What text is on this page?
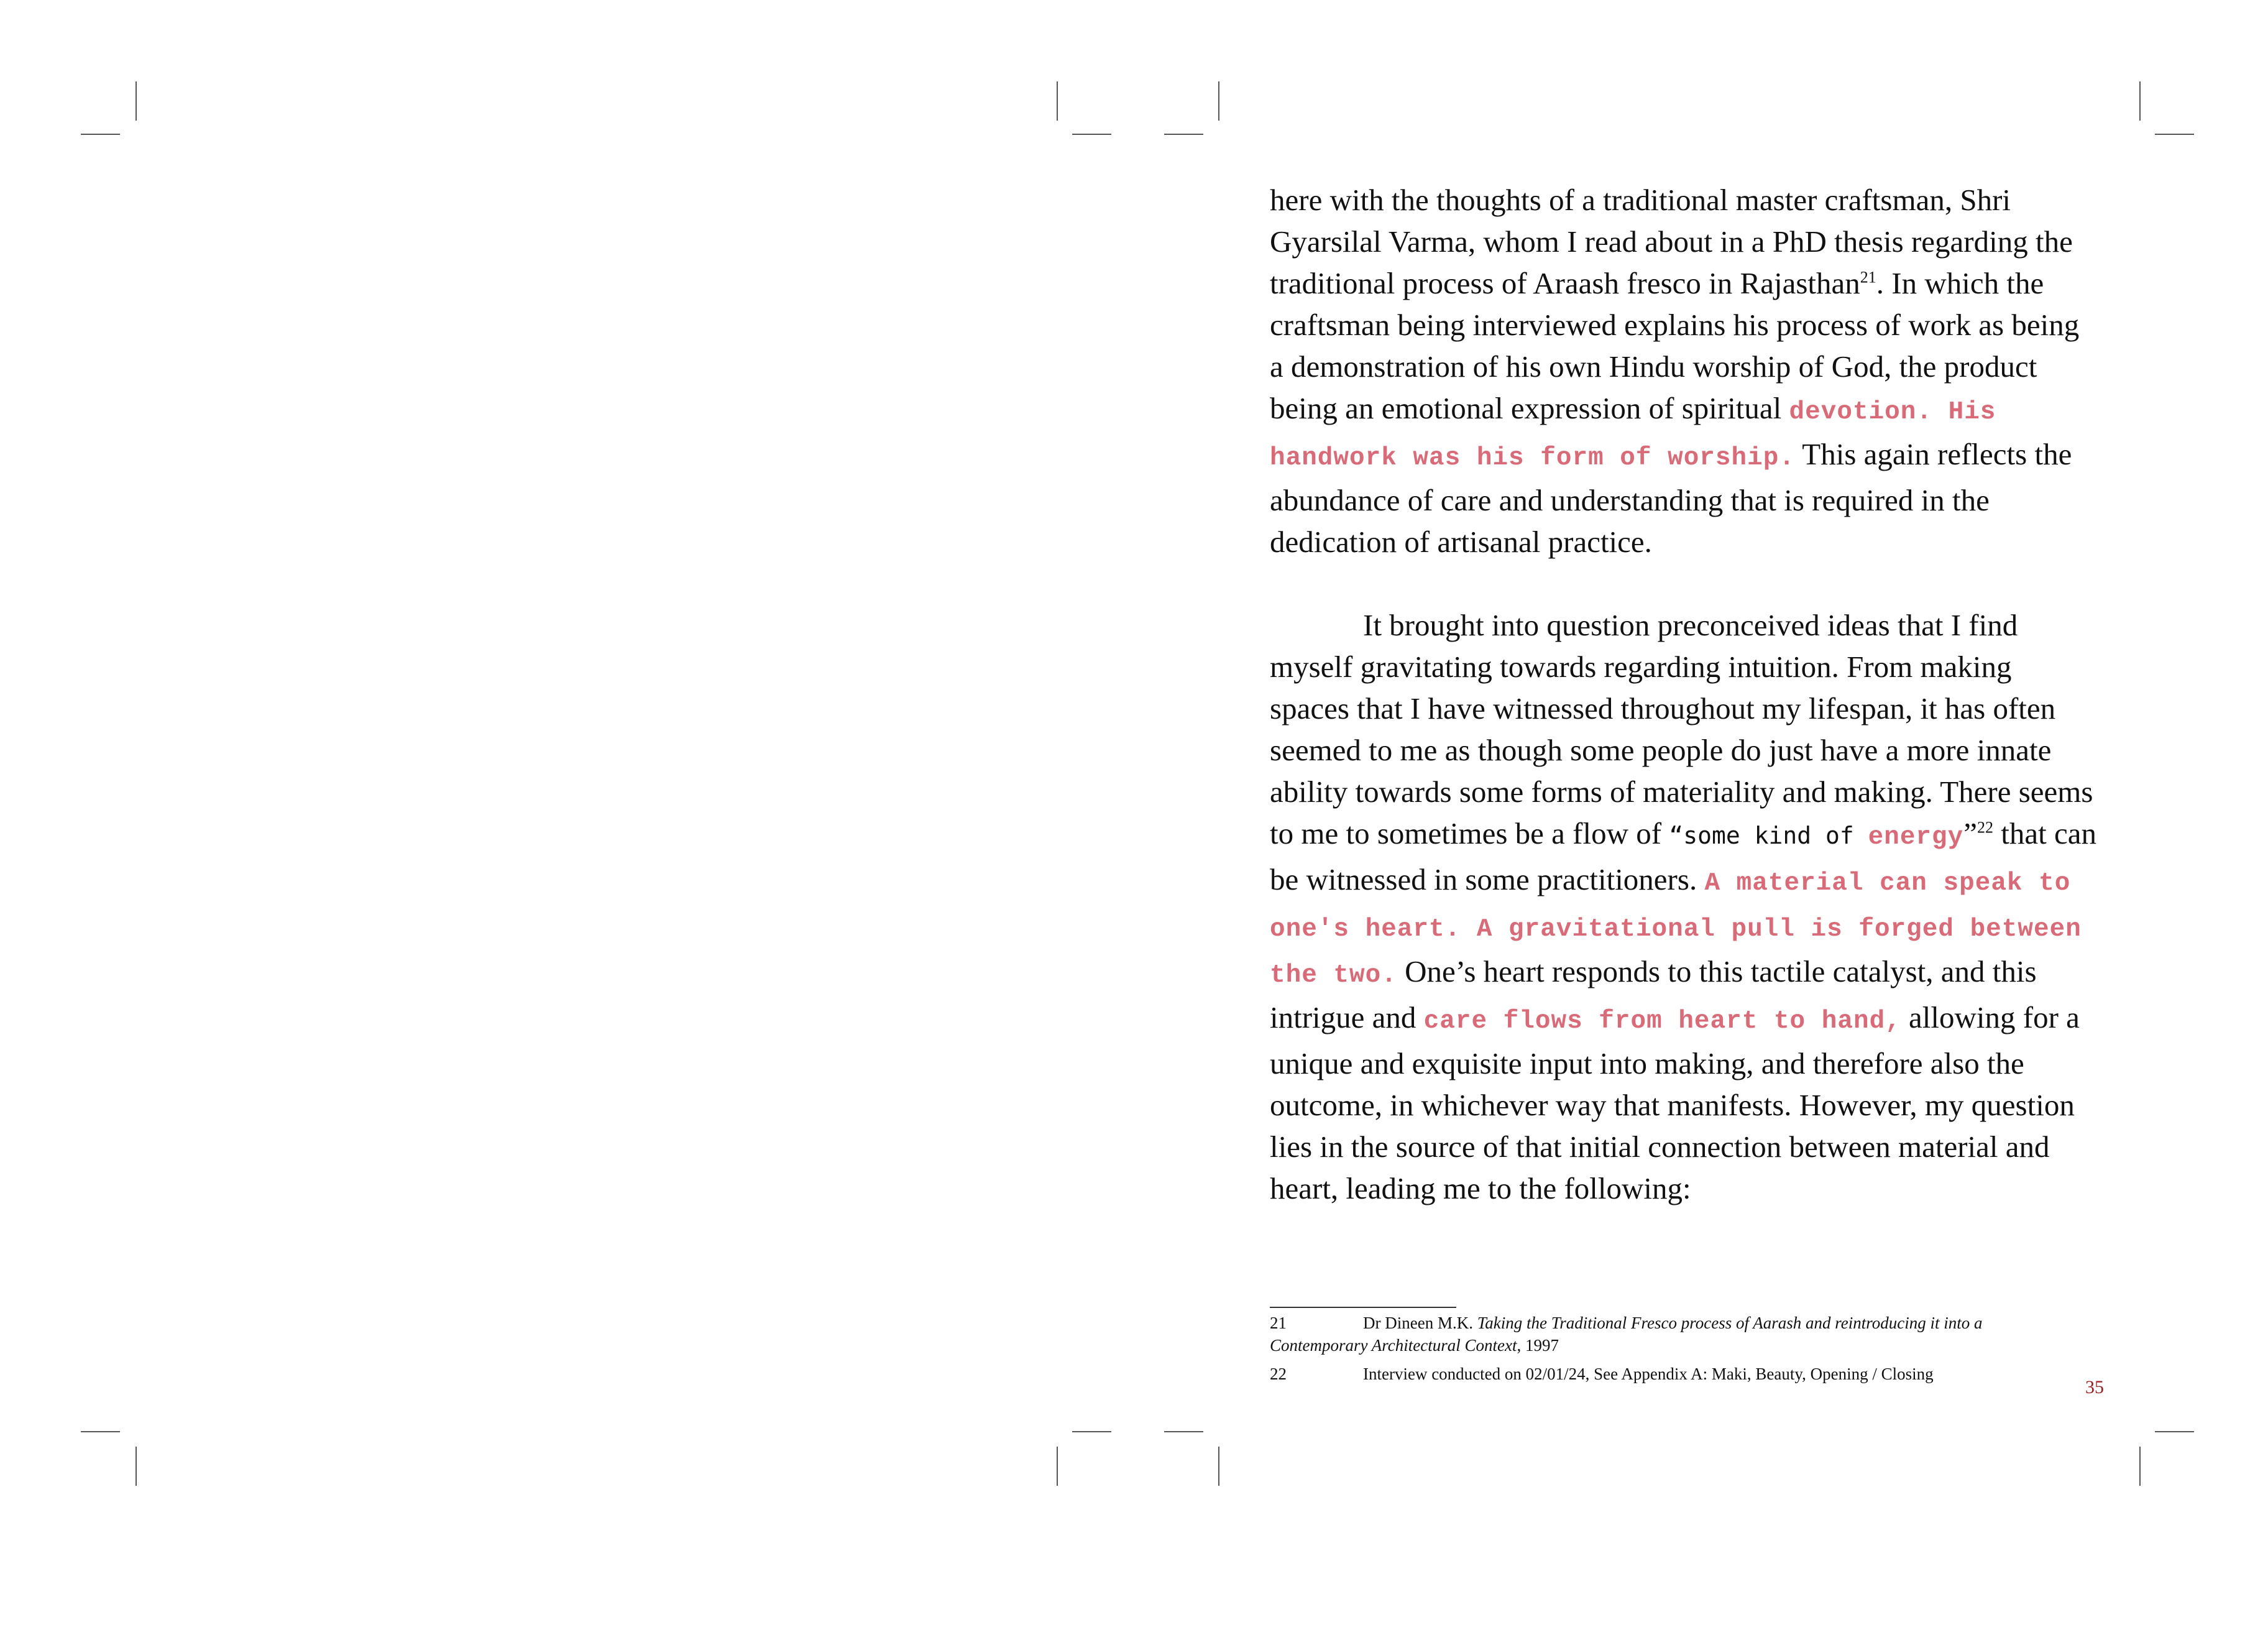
here with the thoughts of a traditional master craftsman, Shri Gyarsilal Varma, whom I read about in a PhD thesis regarding the traditional process of Araash fresco in Rajasthan$^{21}$. In which the craftsman being interviewed explains his process of work as being a demonstration of his own Hindu worship of God, the product being an emotional expression of spiritual devotion. His handwork was his form of worship. This again reflects the abundance of care and understanding that is required in the dedication of artisanal practice.

It brought into question preconceived ideas that I find myself gravitating towards regarding intuition. From making spaces that I have witnessed throughout my lifespan, it has often seemed to me as though some people do just have a more innate ability towards some forms of materiality and making. There seems to me to sometimes be a flow of “some kind of energy”$^{22}$ that can be witnessed in some practitioners. A material can speak to one's heart. A gravitational pull is forged between the two. One’s heart responds to this tactile catalyst, and this intrigue and care flows from heart to hand, allowing for a unique and exquisite input into making, and therefore also the outcome, in whichever way that manifests. However, my question lies in the source of that initial connection between material and heart, leading me to the following:

21	Dr Dineen M.K. Taking the Traditional Fresco process of Aarash and reintroducing it into a Contemporary Architectural Context, 1997

22	Interview conducted on 02/01/24, See Appendix A: Maki, Beauty, Opening / Closing

35
